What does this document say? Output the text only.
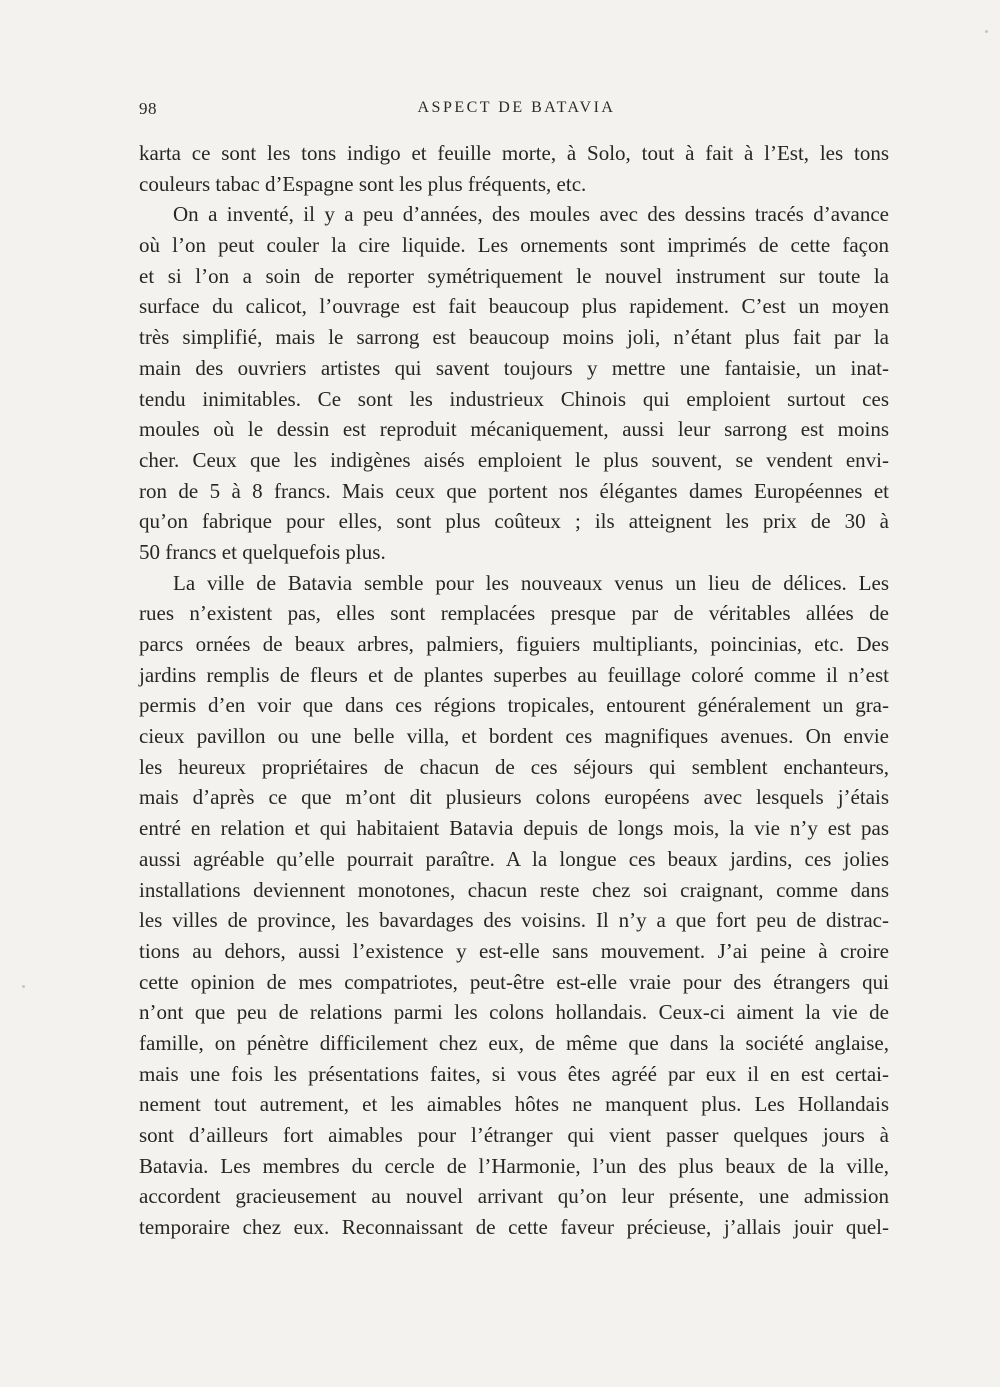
98	ASPECT DE BATAVIA
karta ce sont les tons indigo et feuille morte, à Solo, tout à fait à l’Est, les tons
couleurs tabac d’Espagne sont les plus fréquents, etc.
On a inventé, il y a peu d’années, des moules avec des dessins tracés d’avance
où l’on peut couler la cire liquide. Les ornements sont imprimés de cette façon
et si l’on a soin de reporter symétriquement le nouvel instrument sur toute la
surface du calicot, l’ouvrage est fait beaucoup plus rapidement. C’est un moyen
très simplifié, mais le sarrong est beaucoup moins joli, n’étant plus fait par la
main des ouvriers artistes qui savent toujours y mettre une fantaisie, un inat-
tendu inimitables. Ce sont les industrieux Chinois qui emploient surtout ces
moules où le dessin est reproduit mécaniquement, aussi leur sarrong est moins
cher. Ceux que les indigènes aisés emploient le plus souvent, se vendent envi-
ron de 5 à 8 francs. Mais ceux que portent nos élégantes dames Européennes et
qu’on fabrique pour elles, sont plus coûteux ; ils atteignent les prix de 30 à
50 francs et quelquefois plus.
La ville de Batavia semble pour les nouveaux venus un lieu de délices. Les
rues n’existent pas, elles sont remplacées presque par de véritables allées de
parcs ornées de beaux arbres, palmiers, figuiers multipliants, poincinias, etc. Des
jardins remplis de fleurs et de plantes superbes au feuillage coloré comme il n’est
permis d’en voir que dans ces régions tropicales, entourent généralement un gra-
cieux pavillon ou une belle villa, et bordent ces magnifiques avenues. On envie
les heureux propriétaires de chacun de ces séjours qui semblent enchanteurs,
mais d’après ce que m’ont dit plusieurs colons européens avec lesquels j’étais
entré en relation et qui habitaient Batavia depuis de longs mois, la vie n’y est pas
aussi agréable qu’elle pourrait paraître. A la longue ces beaux jardins, ces jolies
installations deviennent monotones, chacun reste chez soi craignant, comme dans
les villes de province, les bavardages des voisins. Il n’y a que fort peu de distrac-
tions au dehors, aussi l’existence y est-elle sans mouvement. J’ai peine à croire
cette opinion de mes compatriotes, peut-être est-elle vraie pour des étrangers qui
n’ont que peu de relations parmi les colons hollandais. Ceux-ci aiment la vie de
famille, on pénètre difficilement chez eux, de même que dans la société anglaise,
mais une fois les présentations faites, si vous êtes agréé par eux il en est certai-
nement tout autrement, et les aimables hôtes ne manquent plus. Les Hollandais
sont d’ailleurs fort aimables pour l’étranger qui vient passer quelques jours à
Batavia. Les membres du cercle de l’Harmonie, l’un des plus beaux de la ville,
accordent gracieusement au nouvel arrivant qu’on leur présente, une admission
temporaire chez eux. Reconnaissant de cette faveur précieuse, j’allais jouir quel-
